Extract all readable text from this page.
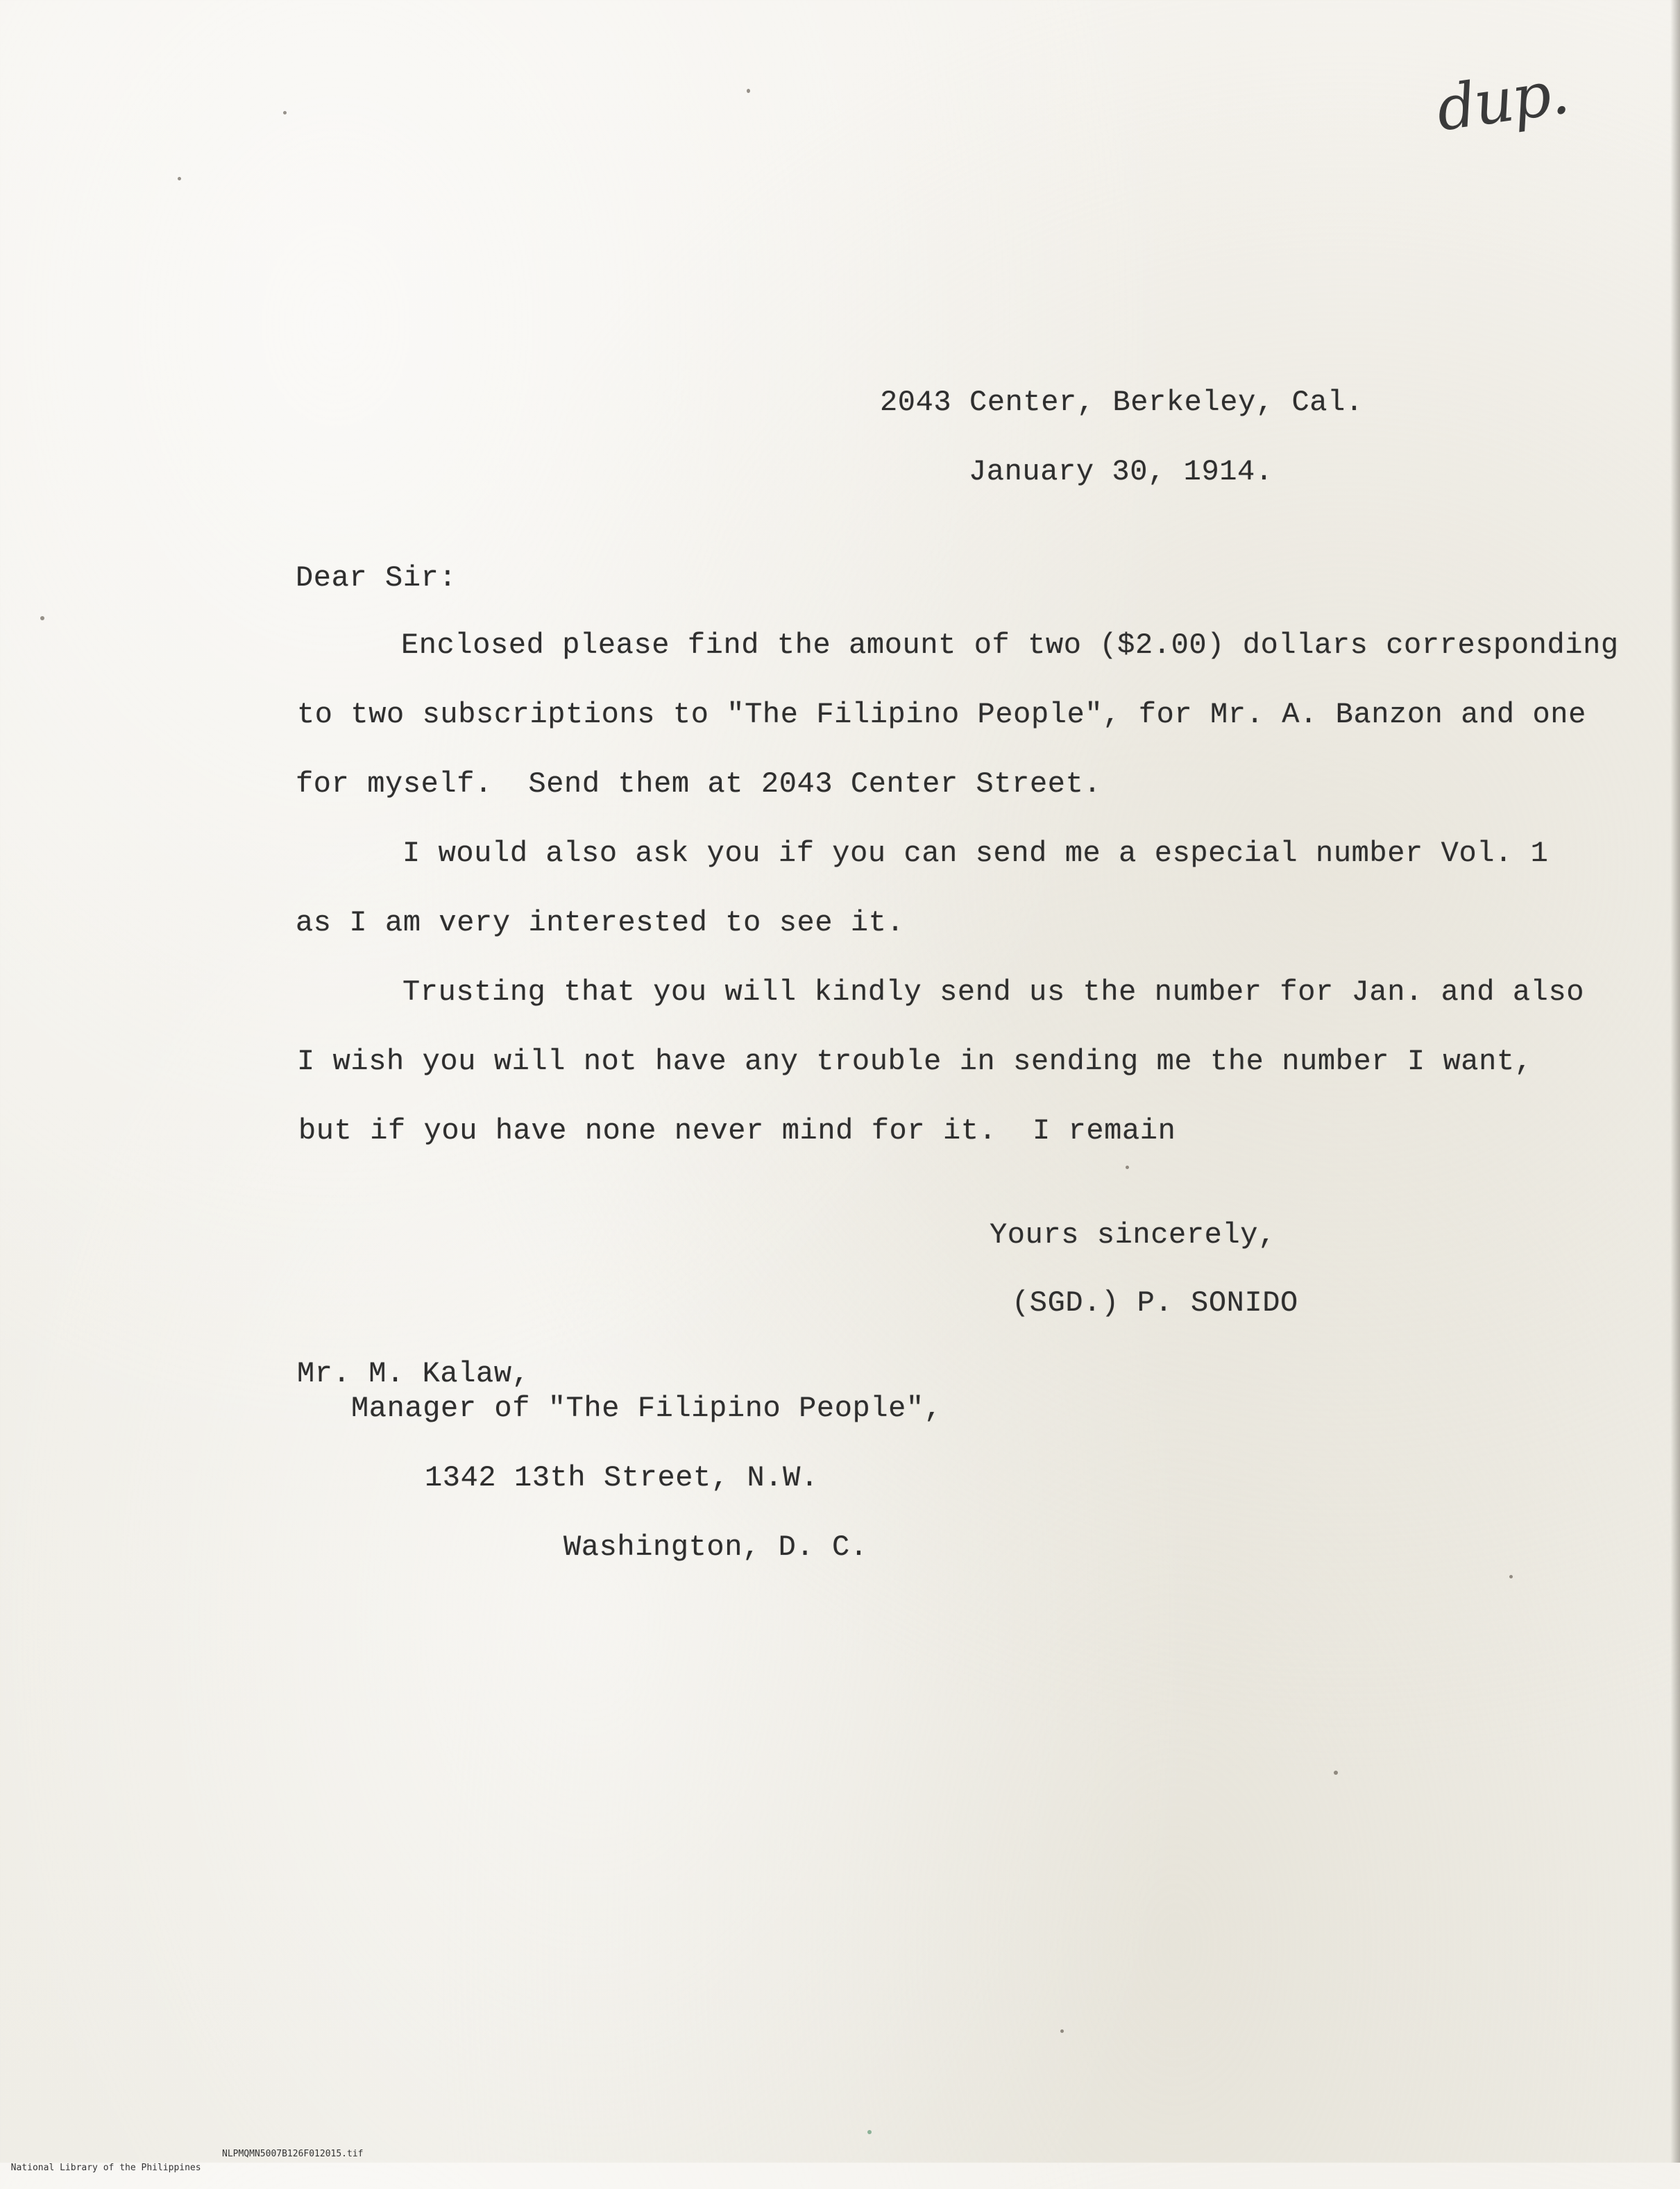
dup.
2043 Center, Berkeley, Cal.
January 30, 1914.
Dear Sir:
Enclosed please find the amount of two ($2.00) dollars corresponding
to two subscriptions to "The Filipino People", for Mr. A. Banzon and one
for myself.  Send them at 2043 Center Street.
I would also ask you if you can send me a especial number Vol. 1
as I am very interested to see it.
Trusting that you will kindly send us the number for Jan. and also
I wish you will not have any trouble in sending me the number I want,
but if you have none never mind for it.  I remain
Yours sincerely,
(SGD.) P. SONIDO
Mr. M. Kalaw,
Manager of "The Filipino People",
1342 13th Street, N.W.
Washington, D. C.

National Library of the Philippines

NLPMQMN5007B126F012015.tif
